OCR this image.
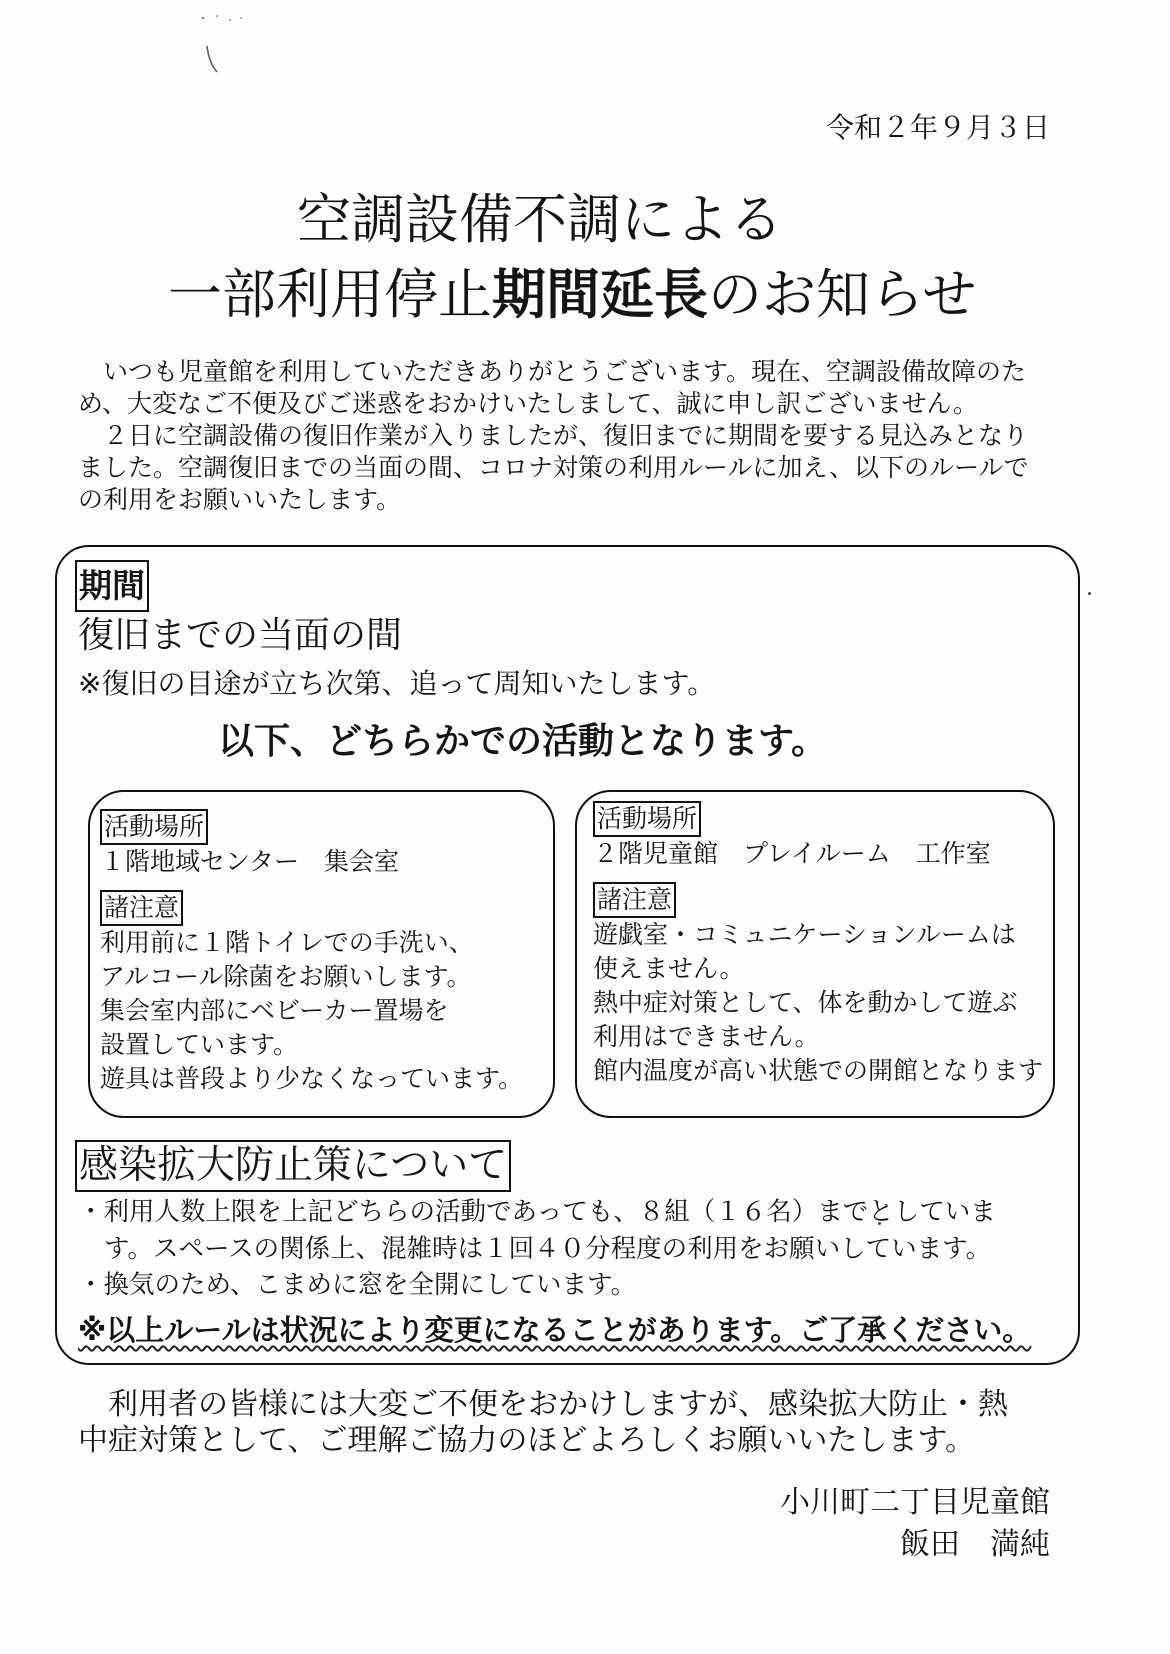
令和２年９月３日
空調設備不調による
一部利用停止期間延長のお知らせ
いつも児童館を利用していただきありがとうございます。現在、空調設備故障のた
め、大変なご不便及びご迷惑をおかけいたしまして、誠に申し訳ございません。
２日に空調設備の復旧作業が入りましたが、復旧までに期間を要する見込みとなり
ました。空調復旧までの当面の間、コロナ対策の利用ルールに加え、以下のルールで
の利用をお願いいたします。
期間
復旧までの当面の間
※復旧の目途が立ち次第、追って周知いたします。
以下、どちらかでの活動となります。
活動場所
１階地域センター　集会室
諸注意
利用前に１階トイレでの手洗い、
アルコール除菌をお願いします。
集会室内部にベビーカー置場を
設置しています。
遊具は普段より少なくなっています。
活動場所
２階児童館　プレイルーム　工作室
諸注意
遊戯室・コミュニケーションルームは
使えません。
熱中症対策として、体を動かして遊ぶ
利用はできません。
館内温度が高い状態での開館となります
感染拡大防止策について
・利用人数上限を上記どちらの活動であっても、８組（１６名）までとしていま
す。スペースの関係上、混雑時は１回４０分程度の利用をお願いしています。
・換気のため、こまめに窓を全開にしています。
※以上ルールは状況により変更になることがあります。ご了承ください。
利用者の皆様には大変ご不便をおかけしますが、感染拡大防止・熱
中症対策として、ご理解ご協力のほどよろしくお願いいたします。
小川町二丁目児童館
飯田　満純
